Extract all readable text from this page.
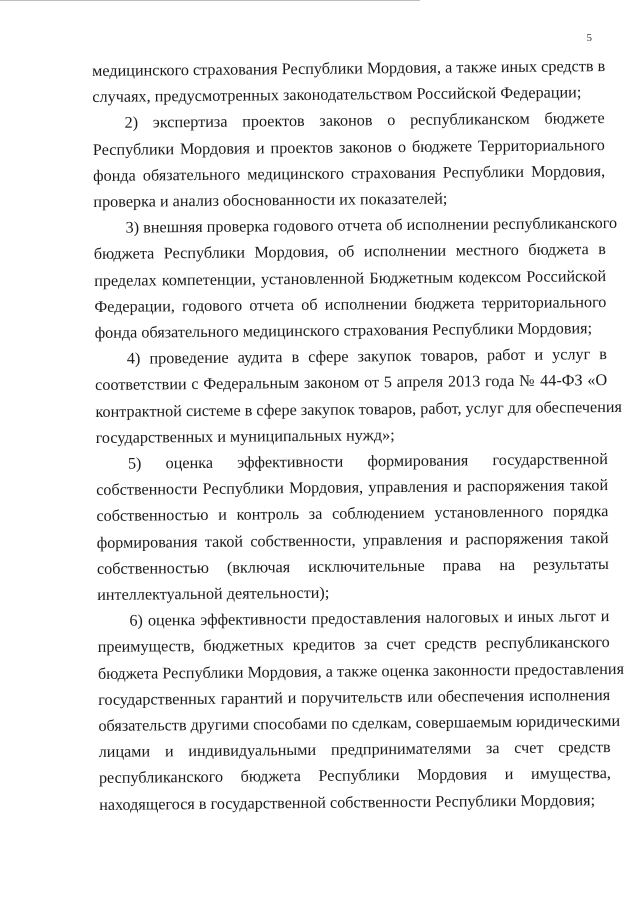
5

медицинского страхования Республики Мордовия, а также иных средств в
случаях, предусмотренных законодательством Российской Федерации;

2) экспертиза проектов законов о республиканском бюджете
Республики Мордовия и проектов законов о бюджете Территориального
фонда обязательного медицинского страхования Республики Мордовия,
проверка и анализ обоснованности их показателей;

3) внешняя проверка годового отчета об исполнении республиканского
бюджета Республики Мордовия, об исполнении местного бюджета в
пределах компетенции, установленной Бюджетным кодексом Российской
Федерации, годового отчета об исполнении бюджета территориального
фонда обязательного медицинского страхования Республики Мордовия;

4) проведение аудита в сфере закупок товаров, работ и услуг в
соответствии с Федеральным законом от 5 апреля 2013 года № 44-ФЗ «О
контрактной системе в сфере закупок товаров, работ, услуг для обеспечения
государственных и муниципальных нужд»;

5) оценка эффективности формирования государственной
собственности Республики Мордовия, управления и распоряжения такой
собственностью и контроль за соблюдением установленного порядка
формирования такой собственности, управления и распоряжения такой
собственностью (включая исключительные права на результаты
интеллектуальной деятельности);

6) оценка эффективности предоставления налоговых и иных льгот и
преимуществ, бюджетных кредитов за счет средств республиканского
бюджета Республики Мордовия, а также оценка законности предоставления
государственных гарантий и поручительств или обеспечения исполнения
обязательств другими способами по сделкам, совершаемым юридическими
лицами и индивидуальными предпринимателями за счет средств
республиканского бюджета Республики Мордовия и имущества,
находящегося в государственной собственности Республики Мордовия;
